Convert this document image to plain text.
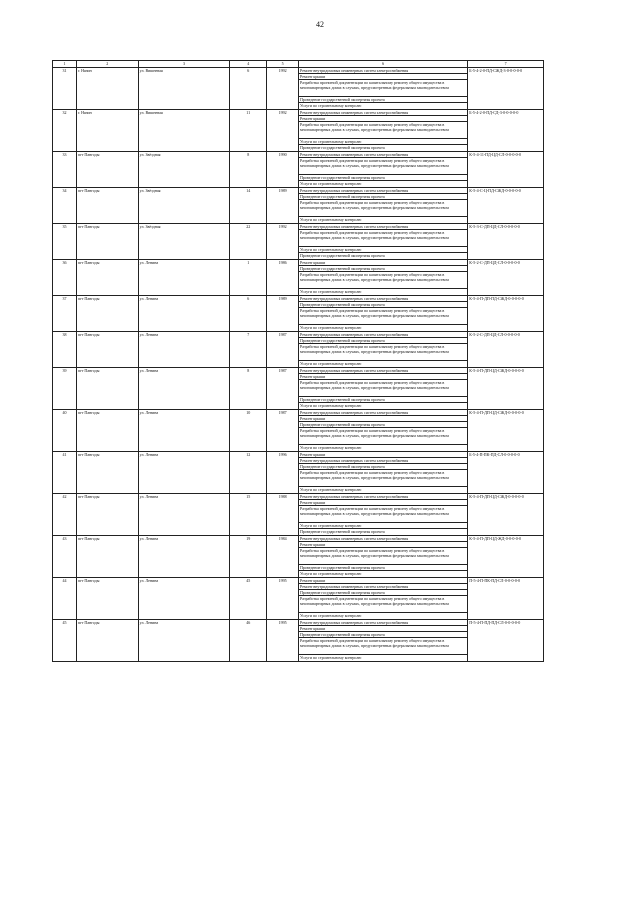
42
1	2	3	4	5	6	7
31	г. Нязин	ул. Вишневая	6	1992	Ремонт внутридомовых инженерных систем электроснабжения
Ремонт крыши
Разработка проектной документации по капитальному ремонту общего имущества в многоквартирных домах в случаях, предусмотренных федеральным законодательством
Проведение государственной экспертизы проекта
Услуги по строительному контролю
Б-5-4-2-0-ПД-СЖД-3-0-0-0-0-0
32	г. Нязин	ул. Вишневая	11	1992	Ремонт внутридомовых инженерных систем электроснабжения
Ремонт крыши
Разработка проектной документации по капитальному ремонту общего имущества в многоквартирных домах в случаях, предусмотренных федеральным законодательством
Услуги по строительному контролю
Проведение государственной экспертизы проекта
Б-5-4-2-0-ПД-СД-3-0-0-0-0-0
33	пгт Пангоды	ул. Звёздная	8	1990	Ремонт внутридомовых инженерных систем электроснабжения
Разработка проектной документации по капитальному ремонту общего имущества в многоквартирных домах в случаях, предусмотренных федеральным законодательством
Проведение государственной экспертизы проекта
Услуги по строительному контролю
К-5-4-11-ПД-ЦД-СЛ-0-0-0-0-0
34	пгт Пангоды	ул. Звёздная	14	1989	Ремонт внутридомовых инженерных систем электроснабжения
Проведение государственной экспертизы проекта
Разработка проектной документации по капитальному ремонту общего имущества в многоквартирных домах в случаях, предусмотренных федеральным законодательством
Услуги по строительному контролю
К-5-4-С-Ц-ПД-СЖД-0-0-0-0-0
35	пгт Пангоды	ул. Звёздная	22	1992	Ремонт внутридомовых инженерных систем электроснабжения
Разработка проектной документации по капитальному ремонту общего имущества в многоквартирных домах в случаях, предусмотренных федеральным законодательством
Услуги по строительному контролю
Проведение государственной экспертизы проекта
К-5-3-С-ДП-ЦД-СЛ-0-0-0-0-0
36	пгт Пангоды	ул. Ленина	1	1986	Ремонт крыши
Проведение государственной экспертизы проекта
Разработка проектной документации по капитальному ремонту общего имущества в многоквартирных домах в случаях, предусмотренных федеральным законодательством
Услуги по строительному контролю
К-5-2-С-ДП-ЦД-СЛ-0-0-0-0-0
37	пгт Пангоды	ул. Ленина	6	1989	Ремонт внутридомовых инженерных систем электроснабжения
Проведение государственной экспертизы проекта
Разработка проектной документации по капитальному ремонту общего имущества в многоквартирных домах в случаях, предусмотренных федеральным законодательством
Услуги по строительному контролю
К-5-4-П-ДП-ПД-СЖД-0-0-0-0-0
38	пгт Пангоды	ул. Ленина	7	1987	Ремонт внутридомовых инженерных систем электроснабжения
Проведение государственной экспертизы проекта
Разработка проектной документации по капитальному ремонту общего имущества в многоквартирных домах в случаях, предусмотренных федеральным законодательством
Услуги по строительному контролю
К-5-2-С-ДП-ЦД-СЛ-0-0-0-0-0
39	пгт Пангоды	ул. Ленина	8	1987	Ремонт внутридомовых инженерных систем электроснабжения
Ремонт крыши
Разработка проектной документации по капитальному ремонту общего имущества в многоквартирных домах в случаях, предусмотренных федеральным законодательством
Проведение государственной экспертизы проекта
Услуги по строительному контролю
К-5-4-П-ДП-ЦД-СЖД-0-0-0-0-0
40	пгт Пангоды	ул. Ленина	10	1987	Ремонт внутридомовых инженерных систем электроснабжения
Ремонт крыши
Проведение государственной экспертизы проекта
Разработка проектной документации по капитальному ремонту общего имущества в многоквартирных домах в случаях, предусмотренных федеральным законодательством
Услуги по строительному контролю
К-5-4-П-ДП-ЦД-СЖД-0-0-0-0-0
41	пгт Пангоды	ул. Ленина	12	1996	Ремонт крыши
Ремонт внутридомовых инженерных систем электроснабжения
Проведение государственной экспертизы проекта
Разработка проектной документации по капитальному ремонту общего имущества в многоквартирных домах в случаях, предусмотренных федеральным законодательством
Услуги по строительному контролю
Б-5-4-П-ПК-ПД-СЛ-0-0-0-0-0
42	пгт Пангоды	ул. Ленина	15	1988	Ремонт внутридомовых инженерных систем электроснабжения
Ремонт крыши
Разработка проектной документации по капитальному ремонту общего имущества в многоквартирных домах в случаях, предусмотренных федеральным законодательством
Услуги по строительному контролю
Проведение государственной экспертизы проекта
К-5-4-П-ДП-ЦД-СЖД-0-0-0-0-0
43	пгт Пангоды	ул. Ленина	19	1984	Ремонт внутридомовых инженерных систем электроснабжения
Ремонт крыши
Разработка проектной документации по капитальному ремонту общего имущества в многоквартирных домах в случаях, предусмотренных федеральным законодательством
Проведение государственной экспертизы проекта
Услуги по строительному контролю
К-5-4-П-ДП-ЦД-ЖД-0-0-0-0-0
44	пгт Пангоды	ул. Ленина	45	1995	Ремонт крыши
Ремонт внутридомовых инженерных систем электроснабжения
Проведение государственной экспертизы проекта
Разработка проектной документации по капитальному ремонту общего имущества в многоквартирных домах в случаях, предусмотренных федеральным законодательством
Услуги по строительному контролю
П-5-4-П-ПК-ПД-СЛ-0-0-0-0-0
45	пгт Пангоды	ул. Ленина	46	1995	Ремонт внутридомовых инженерных систем электроснабжения
Ремонт крыши
Проведение государственной экспертизы проекта
Разработка проектной документации по капитальному ремонту общего имущества в многоквартирных домах в случаях, предусмотренных федеральным законодательством
Услуги по строительному контролю
П-5-4-П-ПД-ПД-СЛ-0-0-0-0-0
